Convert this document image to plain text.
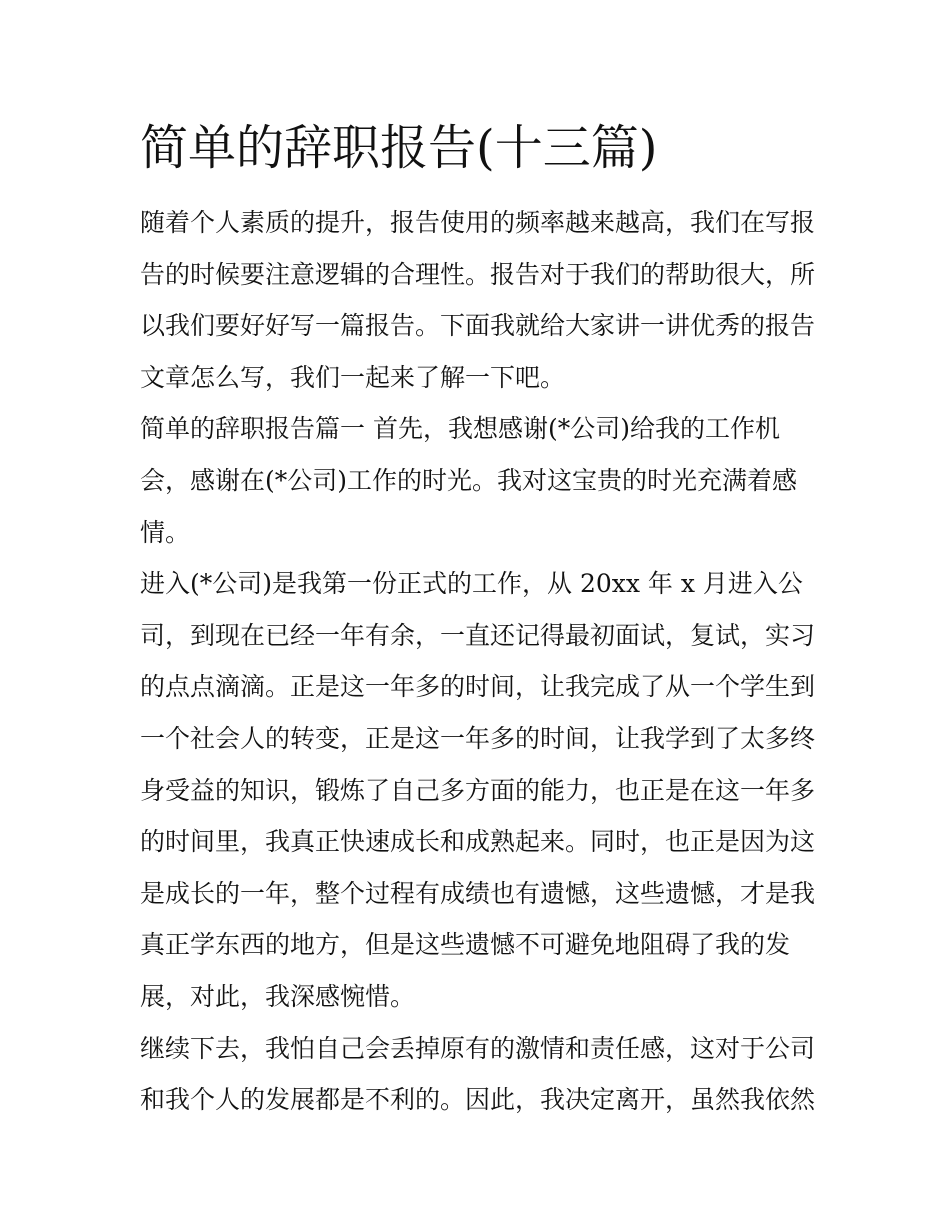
简单的辞职报告(十三篇)
随着个人素质的提升，报告使用的频率越来越高，我们在写报
告的时候要注意逻辑的合理性。报告对于我们的帮助很大，所
以我们要好好写一篇报告。下面我就给大家讲一讲优秀的报告
文章怎么写，我们一起来了解一下吧。
简单的辞职报告篇一 首先，我想感谢(*公司)给我的工作机
会，感谢在(*公司)工作的时光。我对这宝贵的时光充满着感
情。
进入(*公司)是我第一份正式的工作，从 20xx 年 x 月进入公
司，到现在已经一年有余，一直还记得最初面试，复试，实习
的点点滴滴。正是这一年多的时间，让我完成了从一个学生到
一个社会人的转变，正是这一年多的时间，让我学到了太多终
身受益的知识，锻炼了自己多方面的能力，也正是在这一年多
的时间里，我真正快速成长和成熟起来。同时，也正是因为这
是成长的一年，整个过程有成绩也有遗憾，这些遗憾，才是我
真正学东西的地方，但是这些遗憾不可避免地阻碍了我的发
展，对此，我深感惋惜。
继续下去，我怕自己会丢掉原有的激情和责任感，这对于公司
和我个人的发展都是不利的。因此，我决定离开，虽然我依然
